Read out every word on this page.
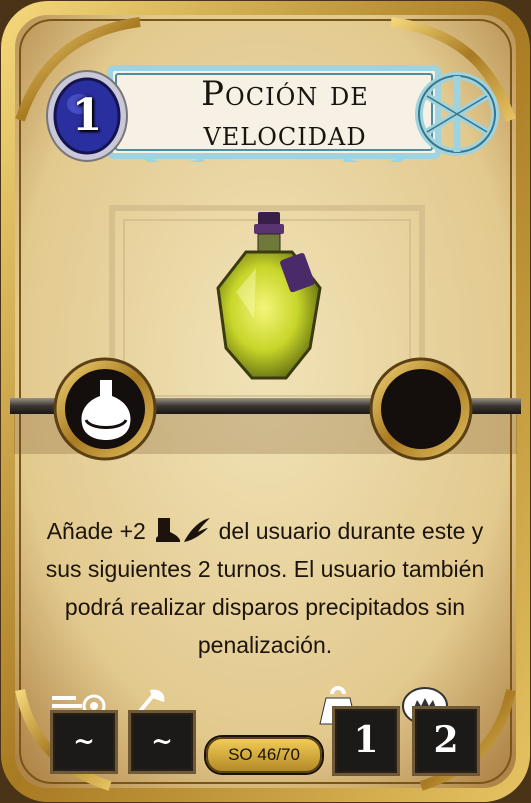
Poción de
velocidad
1
Añade +2	del usuario durante este y sus siguientes 2 turnos. El usuario también podrá realizar disparos precipitados sin penalización.
~	~	SO 46/70	1	2
